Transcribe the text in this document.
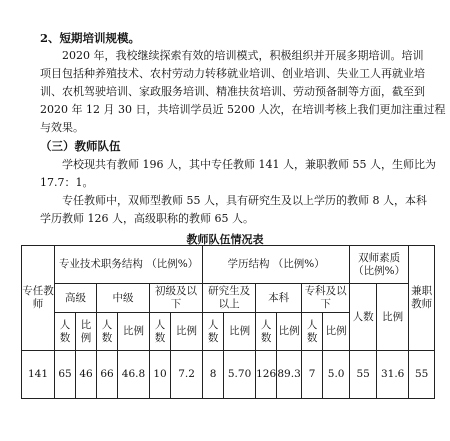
2、短期培训规模。
2020 年，我校继续探索有效的培训模式，积极组织并开展多期培训。培训
项目包括种养殖技术、农村劳动力转移就业培训、创业培训、失业工人再就业培
训、农机驾驶培训、家政服务培训、精准扶贫培训、劳动预备制等方面，截至到
2020 年 12 月 30 日，共培训学员近 5200 人次，在培训考核上我们更加注重过程
与效果。
（三）教师队伍
学校现共有教师 196 人，其中专任教师 141 人，兼职教师 55 人，生师比为
17.7：1。
专任教师中，双师型教师 55 人，具有研究生及以上学历的教师 8 人，本科
学历教师 126 人，高级职称的教师 65 人。
教师队伍情况表
专任教师	专业技术职务结构 （比例%）						学历结构 （比例%）						双师素质（比例%）		兼职教师
	高级		中级		初级及以下		研究生及以上		本科		专科及以下		人数	比例	
	人数	比例	人数	比例	人数	比例	人数	比例	人数	比例	人数	比例			
141	65	46	66	46.8	10	7.2	8	5.70	126	89.3	7	5.0	55	31.6	55
